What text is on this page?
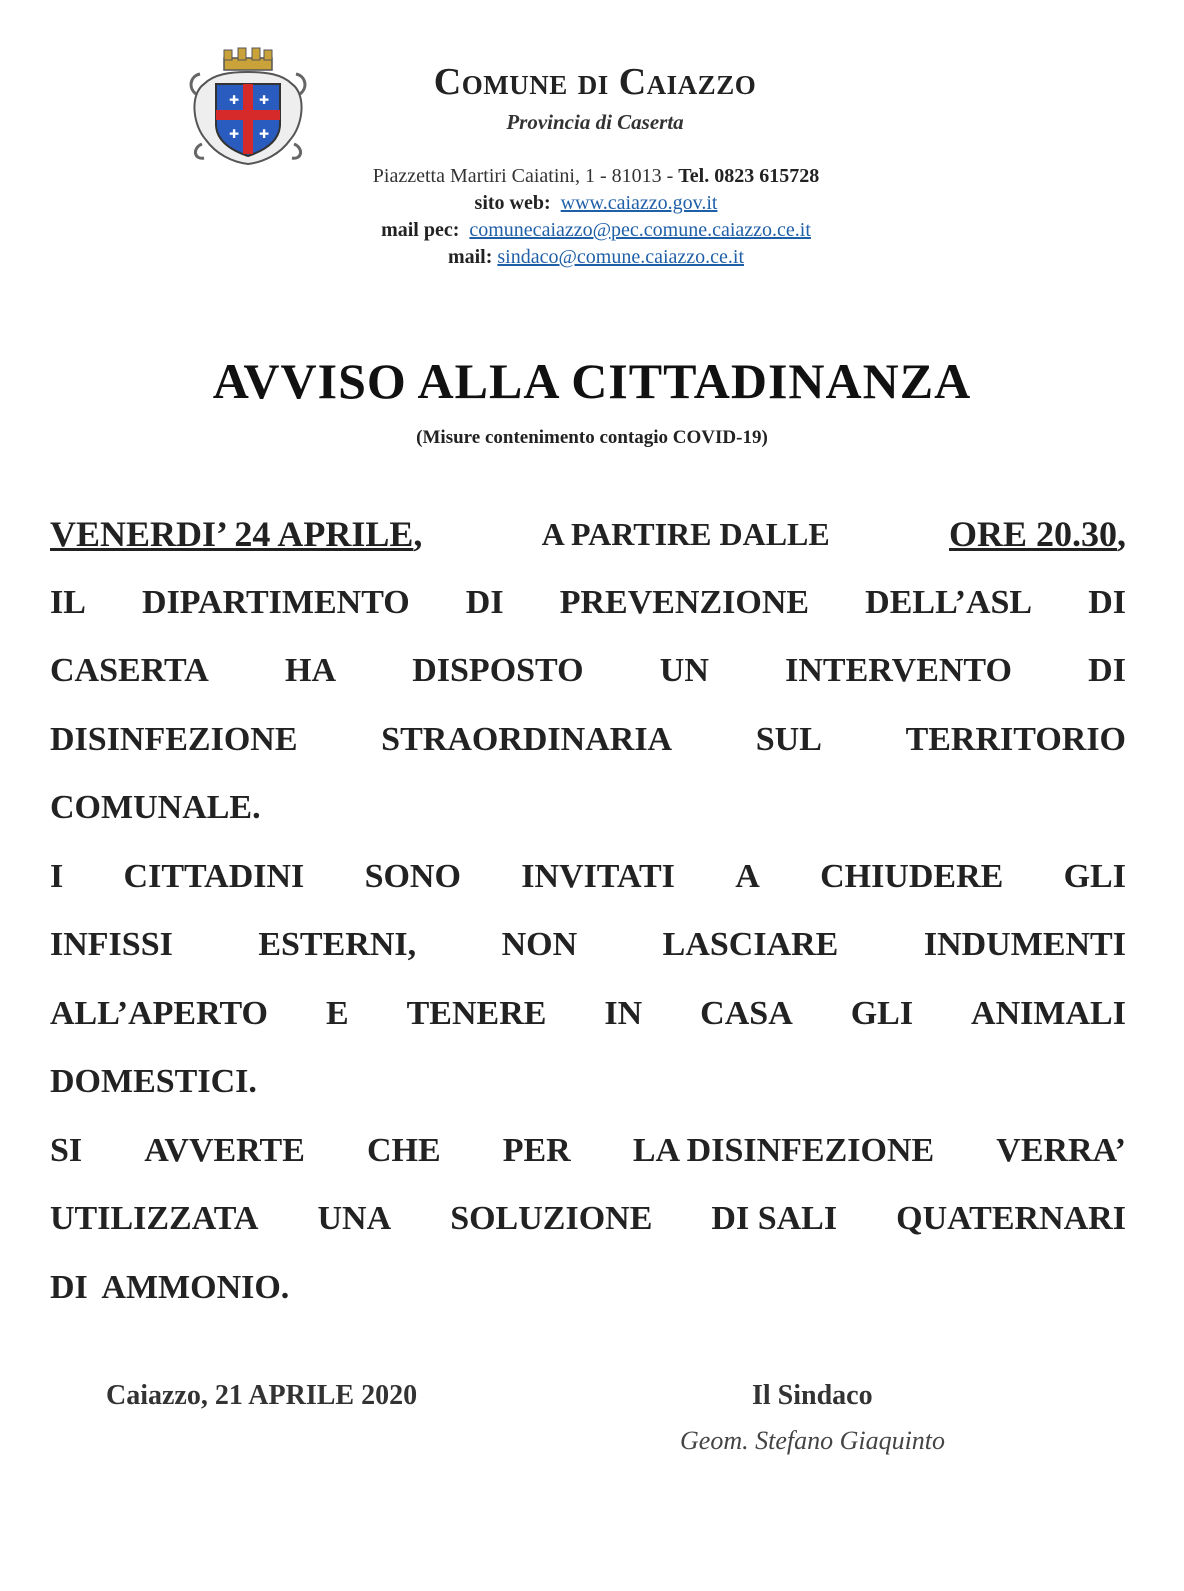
✚ ✚
✚ ✚
Comune di Caiazzo
Provincia di Caserta
Piazzetta Martiri Caiatini, 1 - 81013 - Tel. 0823 615728
sito web: www.caiazzo.gov.it
mail pec: comunecaiazzo@pec.comune.caiazzo.ce.it
mail: sindaco@comune.caiazzo.ce.it
AVVISO ALLA CITTADINANZA
(Misure contenimento contagio COVID-19)
VENERDI’ 24 APRILE,	A PARTIRE DALLE	ORE 20.30,
IL DIPARTIMENTO DI PREVENZIONE DELL’ASL DI
CASERTA HA DISPOSTO UN INTERVENTO DI
DISINFEZIONE STRAORDINARIA SUL TERRITORIO
COMUNALE.
I CITTADINI SONO INVITATI A CHIUDERE GLI
INFISSI	ESTERNI,	NON	LASCIARE	INDUMENTI
ALL’APERTO E TENERE IN CASA GLI ANIMALI
DOMESTICI.
SI AVVERTE CHE PER LA DISINFEZIONE VERRA’
UTILIZZATA UNA SOLUZIONE DI SALI QUATERNARI
DI AMMONIO.
Caiazzo, 21 APRILE 2020	Il Sindaco
Geom. Stefano Giaquinto
